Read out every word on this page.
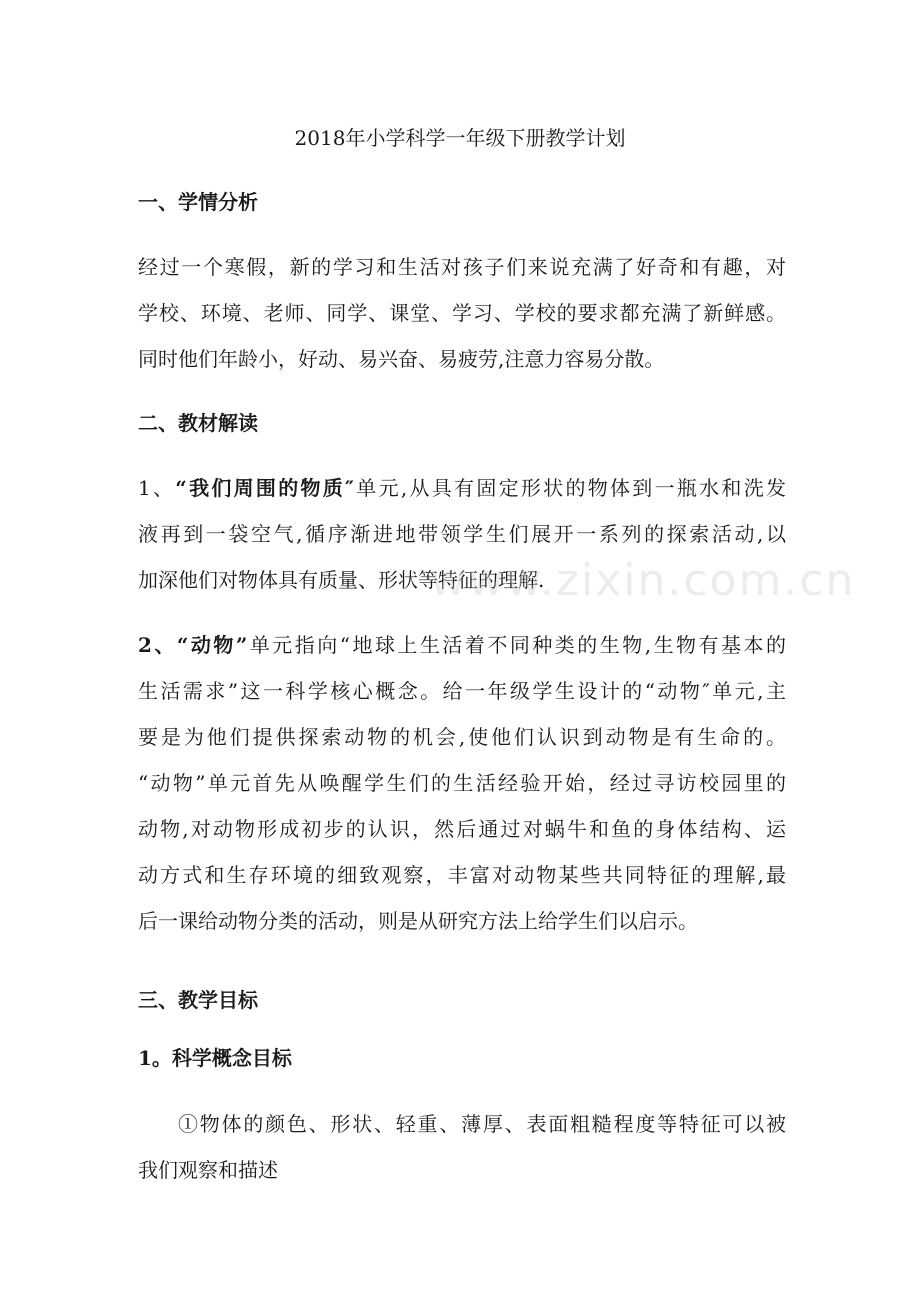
2018年小学科学一年级下册教学计划
一、学情分析
经过一个寒假，新的学习和生活对孩子们来说充满了好奇和有趣，对
学校、环境、老师、同学、课堂、学习、学校的要求都充满了新鲜感。
同时他们年龄小，好动、易兴奋、易疲劳,注意力容易分散。
二、教材解读
1、“我们周围的物质″单元,从具有固定形状的物体到一瓶水和洗发
液再到一袋空气,循序渐进地带领学生们展开一系列的探索活动,以
加深他们对物体具有质量、形状等特征的理解.
2、“动物”单元指向“地球上生活着不同种类的生物,生物有基本的
生活需求”这一科学核心概念。给一年级学生设计的“动物″单元,主
要是为他们提供探索动物的机会,使他们认识到动物是有生命的。
“动物”单元首先从唤醒学生们的生活经验开始，经过寻访校园里的
动物,对动物形成初步的认识，然后通过对蜗牛和鱼的身体结构、运
动方式和生存环境的细致观察，丰富对动物某些共同特征的理解,最
后一课给动物分类的活动，则是从研究方法上给学生们以启示。
三、教学目标
1。科学概念目标
①物体的颜色、形状、轻重、薄厚、表面粗糙程度等特征可以被
我们观察和描述
www.zixin.com.cn
